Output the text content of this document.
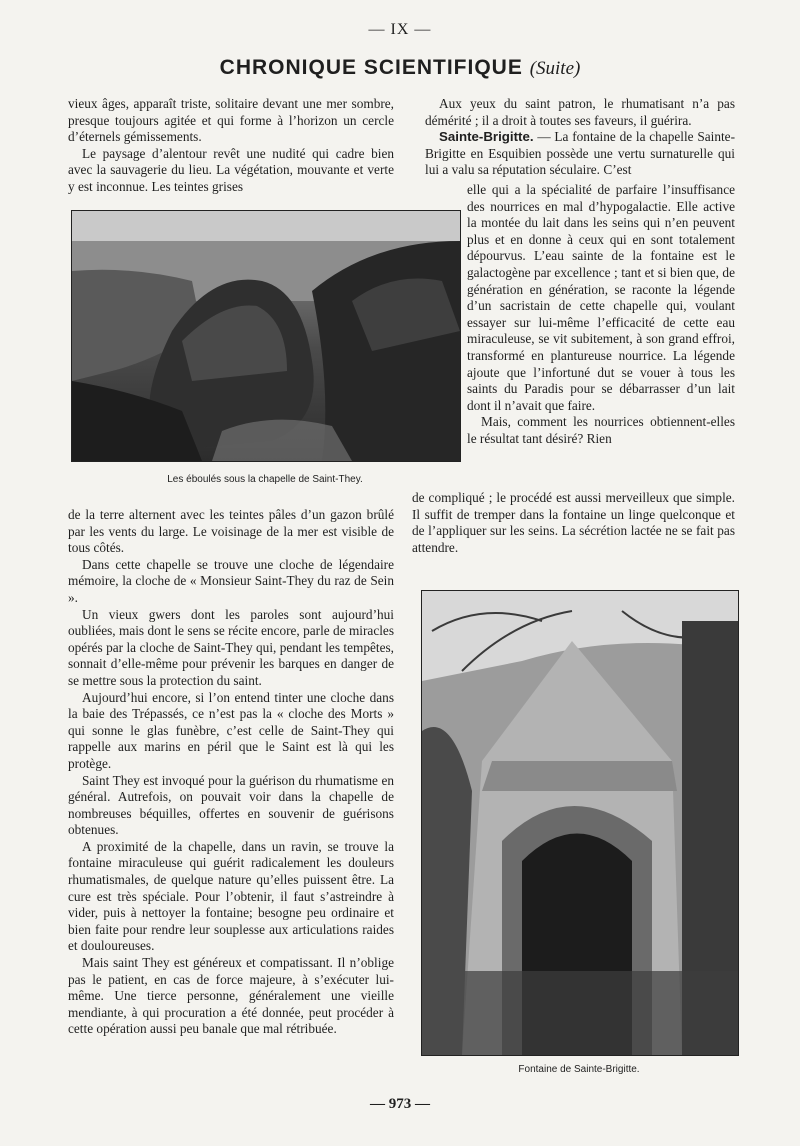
— IX —
CHRONIQUE SCIENTIFIQUE (Suite)

vieux âges, apparaît triste, solitaire devant une mer sombre, presque toujours agitée et qui forme à l’horizon un cercle d’éternels gémissements.

Le paysage d’alentour revêt une nudité qui cadre bien avec la sauvagerie du lieu. La végétation, mouvante et verte y est inconnue. Les teintes grises

Les éboulés sous la chapelle de Saint-They.

de la terre alternent avec les teintes pâles d’un gazon brûlé par les vents du large. Le voisinage de la mer est visible de tous côtés.

Dans cette chapelle se trouve une cloche de légendaire mémoire, la cloche de « Monsieur Saint-They du raz de Sein ».

Un vieux gwers dont les paroles sont aujourd’hui oubliées, mais dont le sens se récite encore, parle de miracles opérés par la cloche de Saint-They qui, pendant les tempêtes, sonnait d’elle-même pour prévenir les barques en danger de se mettre sous la protection du saint.

Aujourd’hui encore, si l’on entend tinter une cloche dans la baie des Trépassés, ce n’est pas la « cloche des Morts » qui sonne le glas funèbre, c’est celle de Saint-They qui rappelle aux marins en péril que le Saint est là qui les protège.

Saint They est invoqué pour la guérison du rhumatisme en général. Autrefois, on pouvait voir dans la chapelle de nombreuses béquilles, offertes en souvenir de guérisons obtenues.

A proximité de la chapelle, dans un ravin, se trouve la fontaine miraculeuse qui guérit radicalement les douleurs rhumatismales, de quelque nature qu’elles puissent être. La cure est très spéciale. Pour l’obtenir, il faut s’astreindre à vider, puis à nettoyer la fontaine; besogne peu ordinaire et bien faite pour rendre leur souplesse aux articulations raides et douloureuses.

Mais saint They est généreux et compatissant. Il n’oblige pas le patient, en cas de force majeure, à s’exécuter lui-même. Une tierce personne, généralement une vieille mendiante, à qui procuration a été donnée, peut procéder à cette opération aussi peu banale que mal rétribuée.

Aux yeux du saint patron, le rhumatisant n’a pas démérité ; il a droit à toutes ses faveurs, il guérira.

Sainte-Brigitte. — La fontaine de la chapelle Sainte-Brigitte en Esquibien possède une vertu surnaturelle qui lui a valu sa réputation séculaire. C’est

elle qui a la spécialité de parfaire l’insuffisance des nourrices en mal d’hypogalactie. Elle active la montée du lait dans les seins qui n’en peuvent plus et en donne à ceux qui en sont totalement dépourvus. L’eau sainte de la fontaine est le galactogène par excellence ; tant et si bien que, de génération en génération, se raconte la légende d’un sacristain de cette chapelle qui, voulant essayer sur lui-même l’efficacité de cette eau miraculeuse, se vit subitement, à son grand effroi, transformé en plantureuse nourrice. La légende ajoute que l’infortuné dut se vouer à tous les saints du Paradis pour se débarrasser d’un lait dont il n’avait que faire.

Mais, comment les nourrices obtiennent-elles le résultat tant désiré? Rien

de compliqué ; le procédé est aussi merveilleux que simple. Il suffit de tremper dans la fontaine un linge quelconque et de l’appliquer sur les seins. La sécrétion lactée ne se fait pas attendre.

Fontaine de Sainte-Brigitte.
— 973 —
